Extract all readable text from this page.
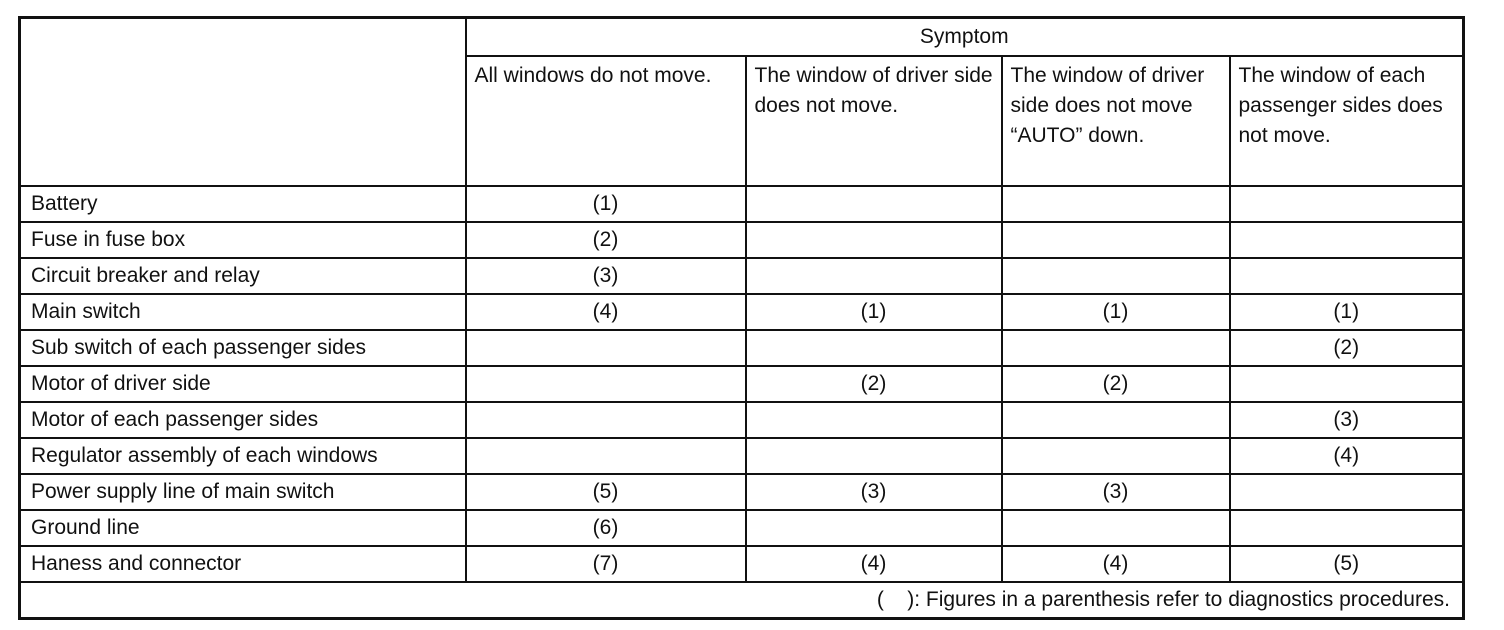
	Symptom			
	All windows do not move.	The window of driver side does not move.	The window of driver side does not move “AUTO” down.	The window of each passenger sides does not move.
Battery	(1)			
Fuse in fuse box	(2)			
Circuit breaker and relay	(3)			
Main switch	(4)	(1)	(1)	(1)
Sub switch of each passenger sides				(2)
Motor of driver side		(2)	(2)	
Motor of each passenger sides				(3)
Regulator assembly of each windows				(4)
Power supply line of main switch	(5)	(3)	(3)	
Ground line	(6)			
Haness and connector	(7)	(4)	(4)	(5)
(    ): Figures in a parenthesis refer to diagnostics procedures.				
